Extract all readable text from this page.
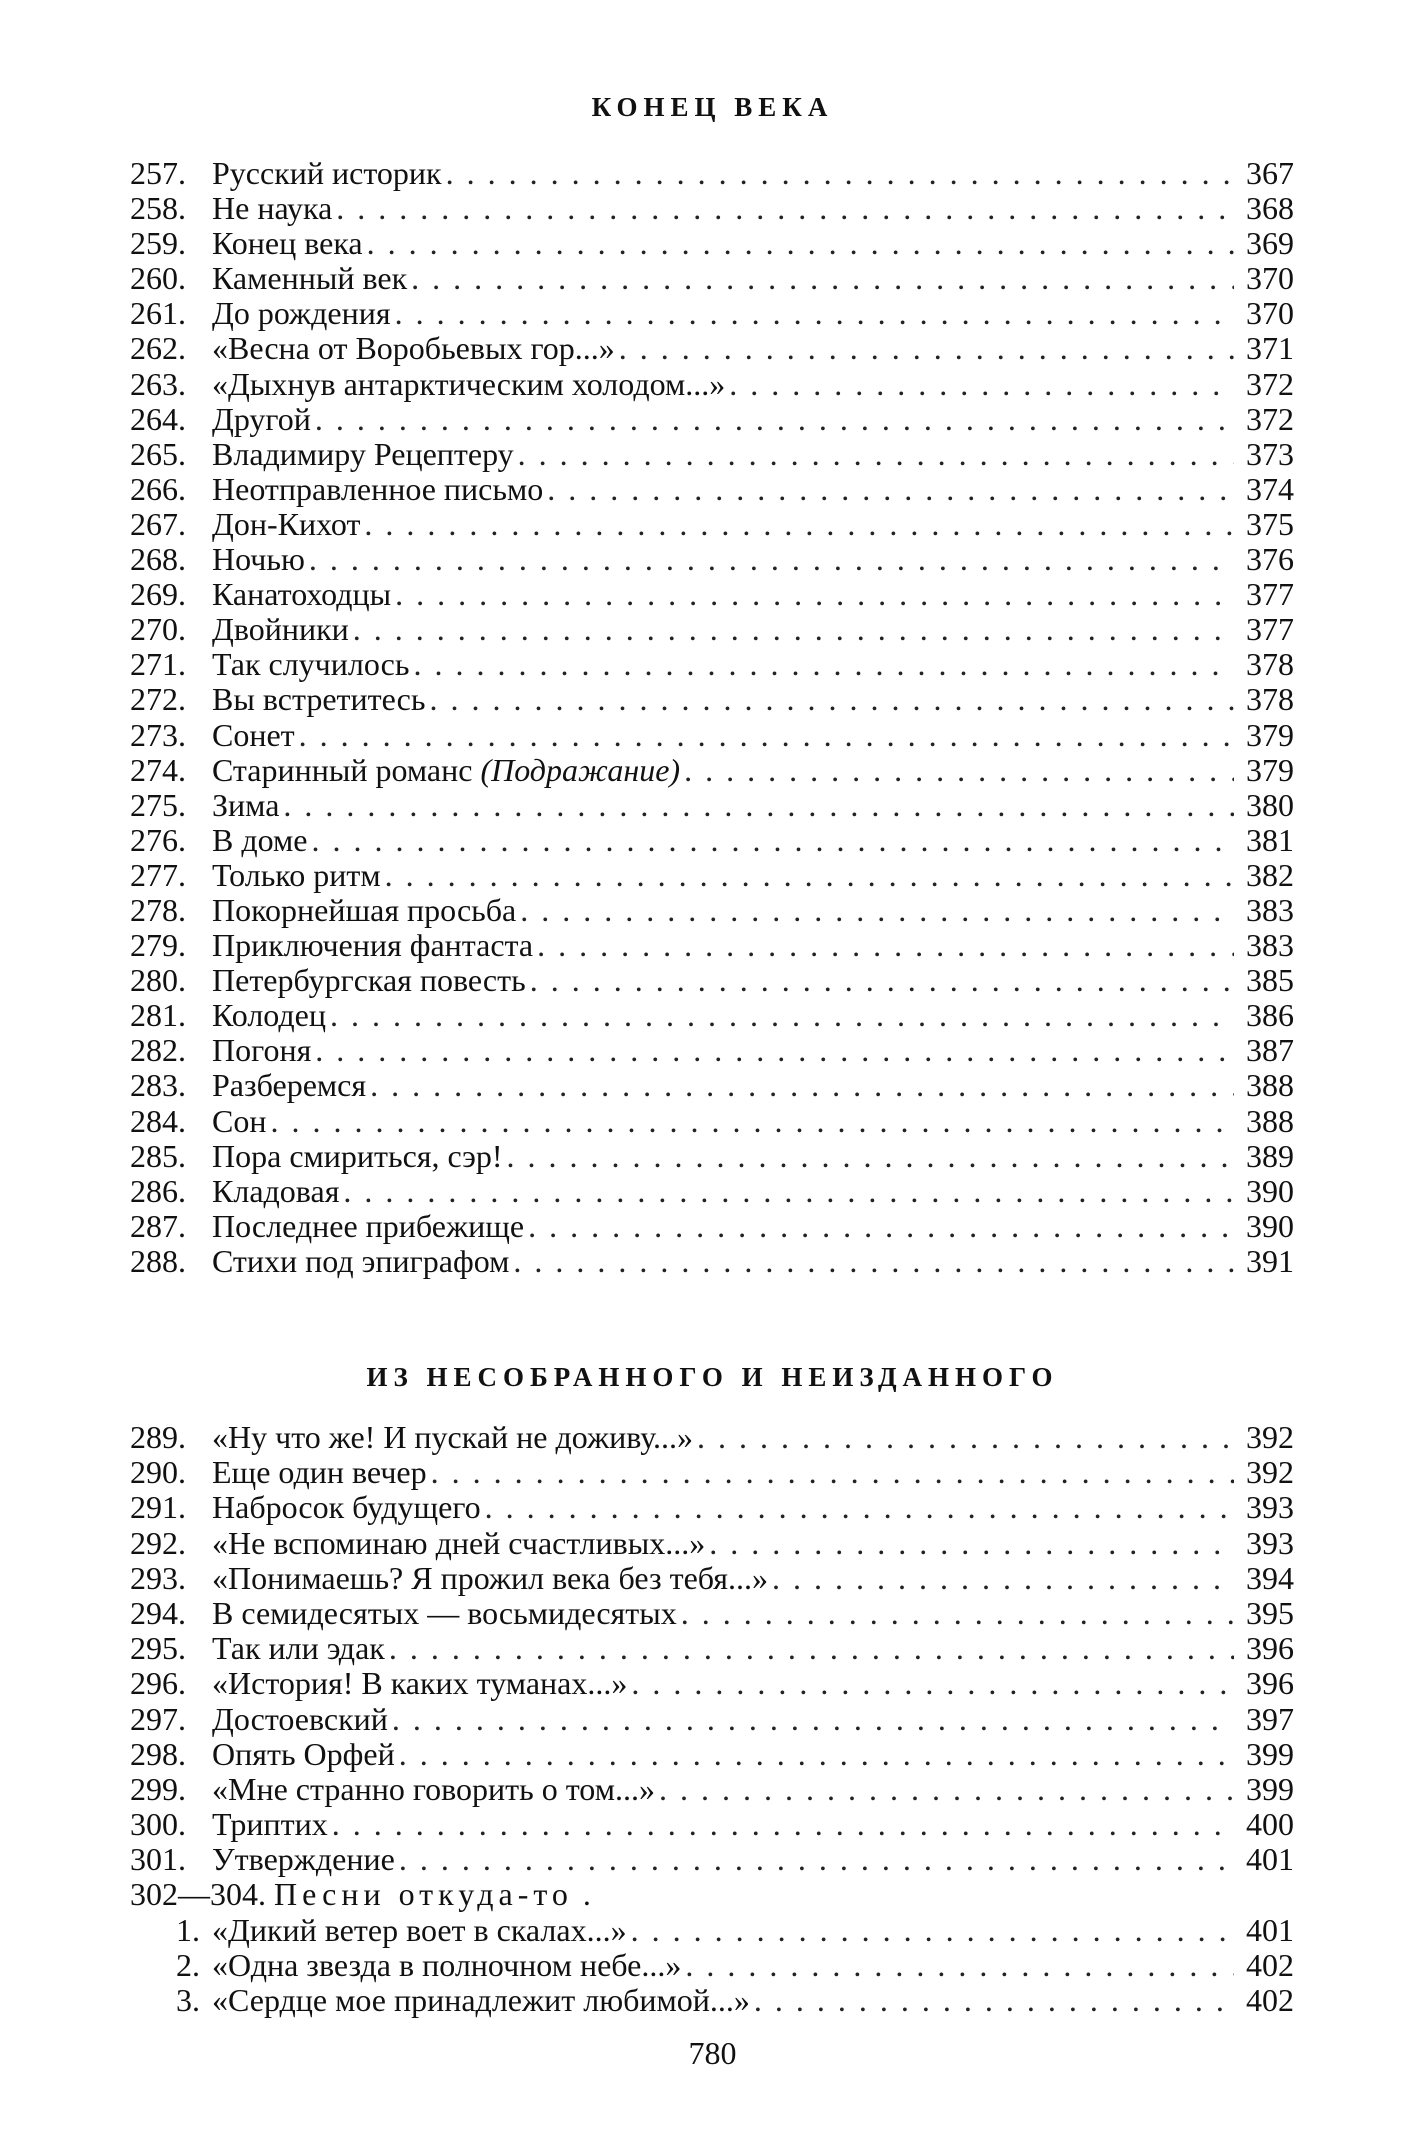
КОНЕЦ ВЕКА
257. Русский историк . . .	367
258. Не наука . . .	368
259. Конец века . . .	369
260. Каменный век . . .	370
261. До рождения . . .	370
262. «Весна от Воробьевых гор...» . . .	371
263. «Дыхнув антарктическим холодом...» . . .	372
264. Другой . . .	372
265. Владимиру Рецептеру . . .	373
266. Неотправленное письмо . . .	374
267. Дон-Кихот . . .	375
268. Ночью . . .	376
269. Канатоходцы . . .	377
270. Двойники . . .	377
271. Так случилось . . .	378
272. Вы встретитесь . . .	378
273. Сонет . . .	379
274. Старинный романс (Подражание) . . .	379
275. Зима . . .	380
276. В доме . . .	381
277. Только ритм . . .	382
278. Покорнейшая просьба . . .	383
279. Приключения фантаста . . .	383
280. Петербургская повесть . . .	385
281. Колодец . . .	386
282. Погоня . . .	387
283. Разберемся . . .	388
284. Сон . . .	388
285. Пора смириться, сэр! . . .	389
286. Кладовая . . .	390
287. Последнее прибежище . . .	390
288. Стихи под эпиграфом . . .	391
ИЗ НЕСОБРАННОГО И НЕИЗДАННОГО
289. «Ну что же! И пускай не доживу...» . . .	392
290. Еще один вечер . . .	392
291. Набросок будущего . . .	393
292. «Не вспоминаю дней счастливых...» . . .	393
293. «Понимаешь? Я прожил века без тебя...» . . .	394
294. В семидесятых — восьмидесятых . . .	395
295. Так или эдак . . .	396
296. «История! В каких туманах...» . . .	396
297. Достоевский . . .	397
298. Опять Орфей . . .	399
299. «Мне странно говорить о том...» . . .	399
300. Триптих . . .	400
301. Утверждение . . .	401
302—304. Песни откуда-то .
1. «Дикий ветер воет в скалах...» . . .	401
2. «Одна звезда в полночном небе...» . . .	402
3. «Сердце мое принадлежит любимой...» . . .	402
780
